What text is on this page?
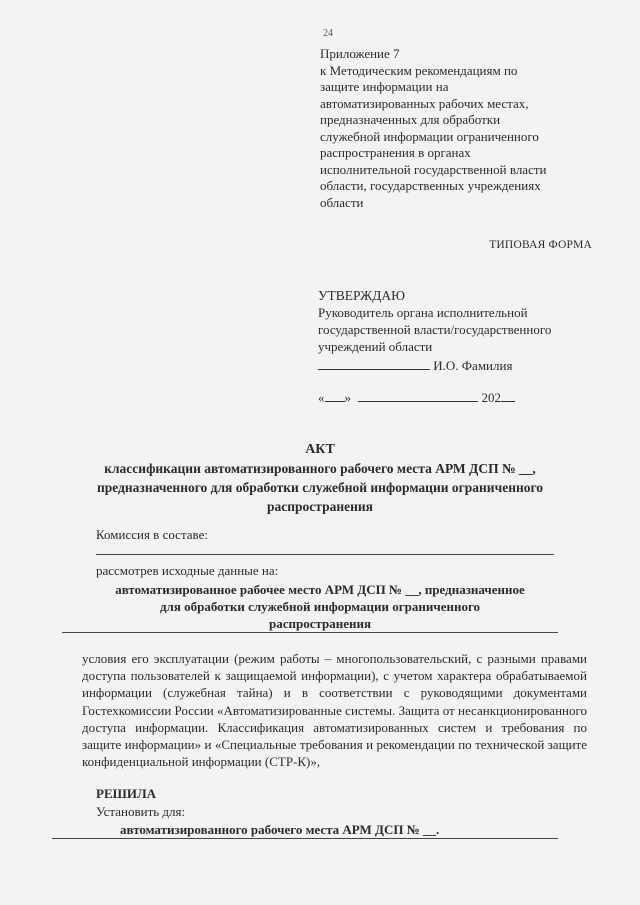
24
Приложение 7
к Методическим рекомендациям по
защите информации на
автоматизированных рабочих местах,
предназначенных для обработки
служебной информации ограниченного
распространения в органах
исполнительной государственной власти
области, государственных учреждениях
области
ТИПОВАЯ ФОРМА
УТВЕРЖДАЮ
Руководитель органа исполнительной
государственной власти/государственного
учреждений области
И.О. Фамилия
« »	202
АКТ
классификации автоматизированного рабочего места АРМ ДСП № __,
предназначенного для обработки служебной информации ограниченного
распространения
Комиссия в составе:
рассмотрев исходные данные на:
автоматизированное рабочее место АРМ ДСП № __, предназначенное
для обработки служебной информации ограниченного
распространения
условия его эксплуатации (режим работы – многопользовательский, с разными правами доступа пользователей к защищаемой информации), с учетом характера обрабатываемой информации (служебная тайна) и в соответствии с руководящими документами Гостехкомиссии России «Автоматизированные системы. Защита от несанкционированного доступа информации. Классификация автоматизированных систем и требования по защите информации» и «Специальные требования и рекомендации по технической защите конфиденциальной информации (СТР-К)»,
РЕШИЛА
Установить для:
автоматизированного рабочего места АРМ ДСП № __.
